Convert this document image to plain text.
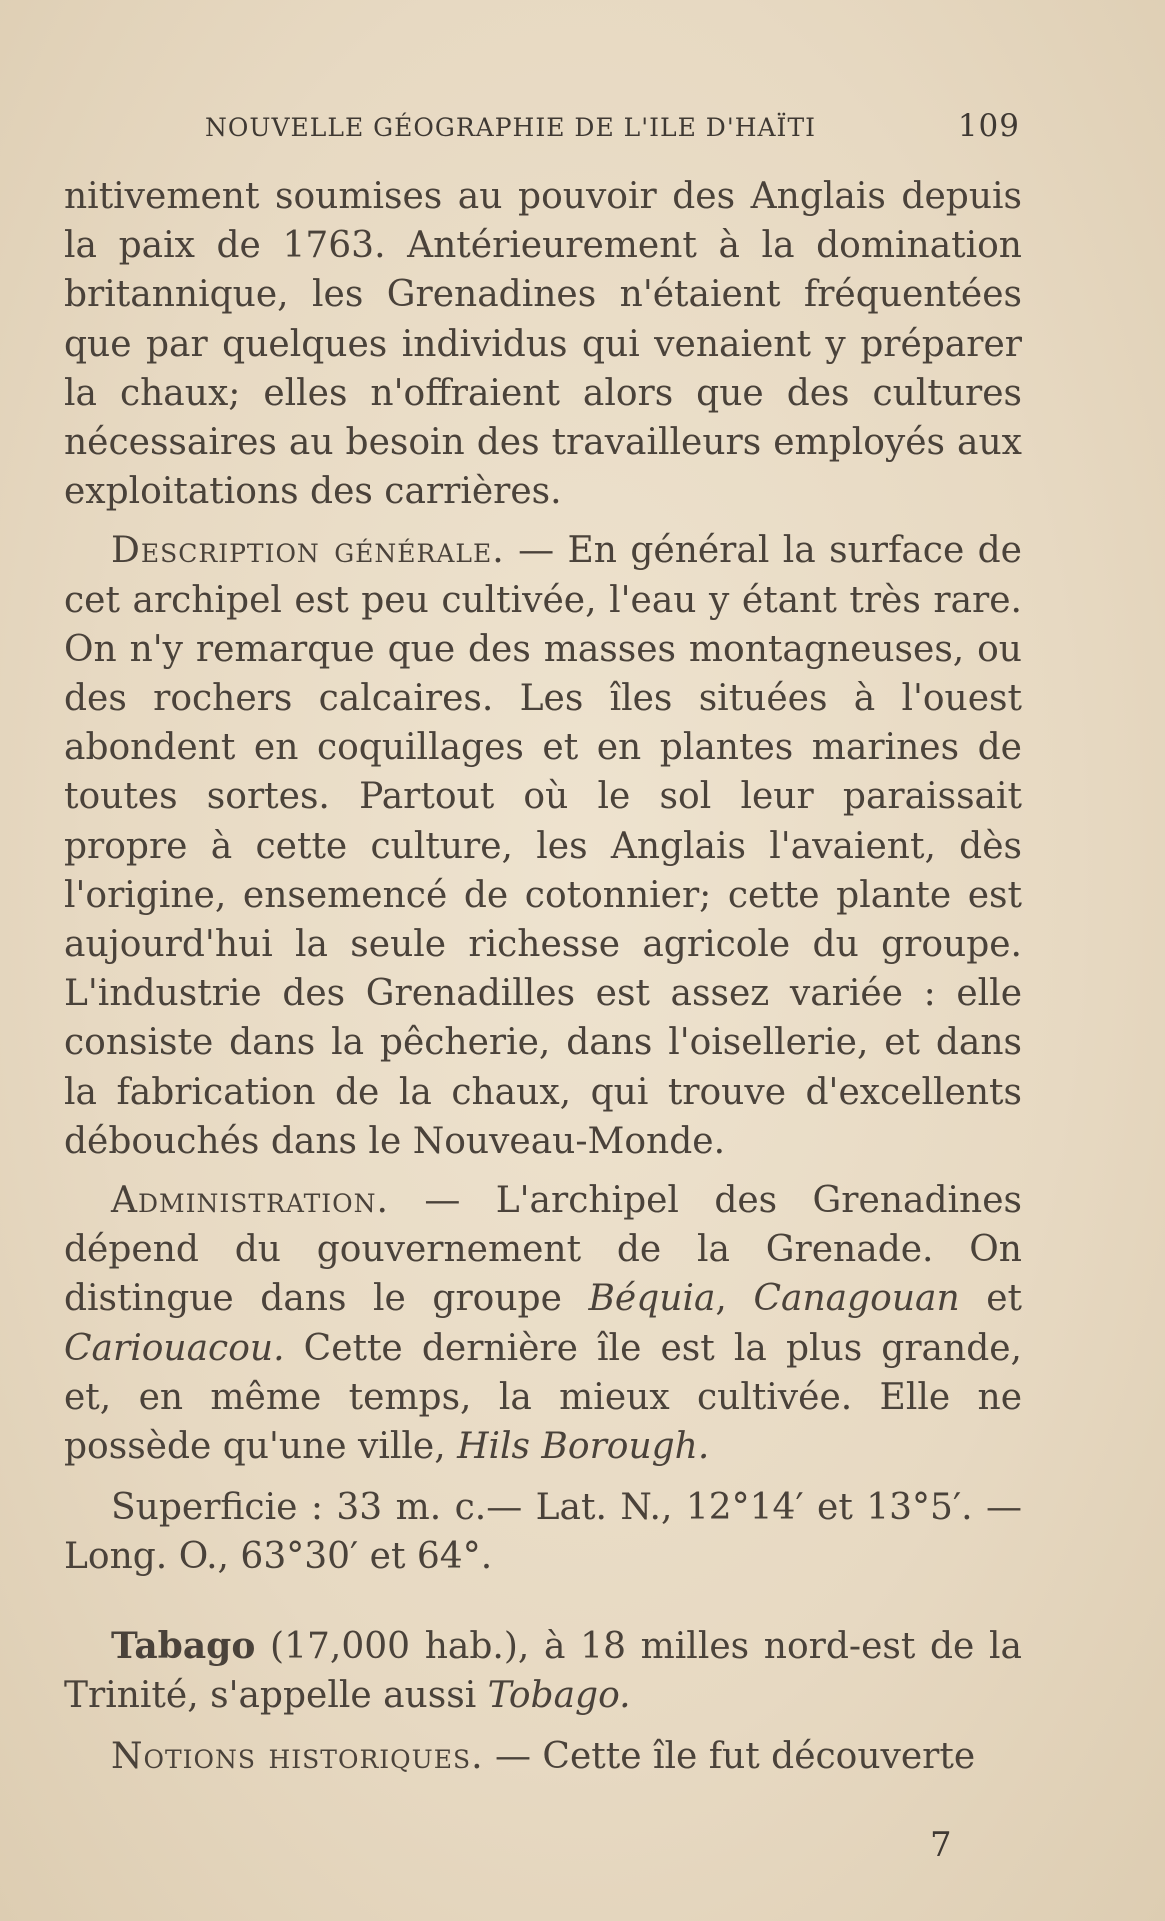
NOUVELLE GÉOGRAPHIE DE L'ILE D'HAÏTI	109

nitivement soumises au pouvoir des Anglais depuis la paix de 1763. Antérieurement à la domination britannique, les Grenadines n'étaient fréquentées que par quelques individus qui venaient y préparer la chaux; elles n'offraient alors que des cultures nécessaires au besoin des travailleurs employés aux exploitations des carrières.

Description générale. — En général la surface de cet archipel est peu cultivée, l'eau y étant très rare. On n'y remarque que des masses montagneuses, ou des rochers calcaires. Les îles situées à l'ouest abondent en coquillages et en plantes marines de toutes sortes. Partout où le sol leur paraissait propre à cette culture, les Anglais l'avaient, dès l'origine, ensemencé de cotonnier; cette plante est aujourd'hui la seule richesse agricole du groupe. L'industrie des Grenadilles est assez variée : elle consiste dans la pêcherie, dans l'oisellerie, et dans la fabrication de la chaux, qui trouve d'excellents débouchés dans le Nouveau-Monde.

Administration. — L'archipel des Grenadines dépend du gouvernement de la Grenade. On distingue dans le groupe Béquia, Canagouan et Cariouacou. Cette dernière île est la plus grande, et, en même temps, la mieux cultivée. Elle ne possède qu'une ville, Hils Borough.

Superficie : 33 m. c.— Lat. N., 12°14′ et 13°5′. — Long. O., 63°30′ et 64°.

Tabago (17,000 hab.), à 18 milles nord-est de la Trinité, s'appelle aussi Tobago.

Notions historiques. — Cette île fut découverte

7
